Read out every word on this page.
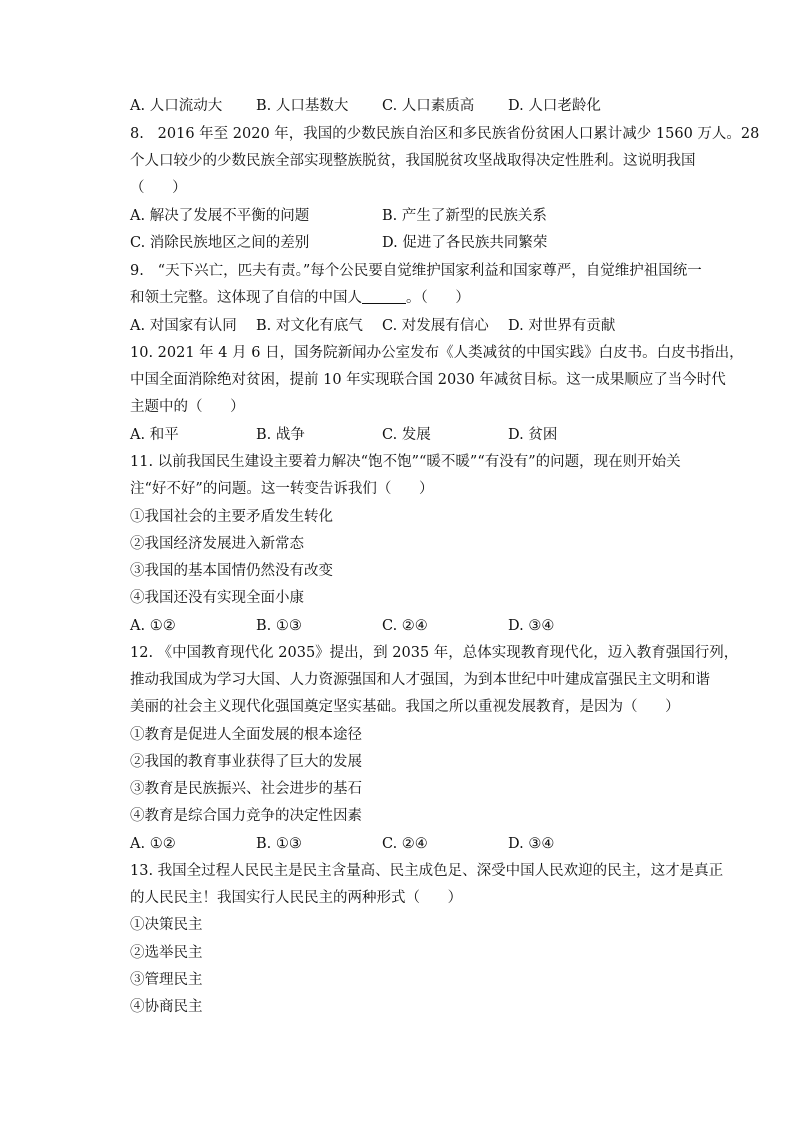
A. 人口流动大 B. 人口基数大 C. 人口素质高 D. 人口老龄化
8.   2016 年至 2020 年，我国的少数民族自治区和多民族省份贫困人口累计减少 1560 万人。28
个人口较少的少数民族全部实现整族脱贫，我国脱贫攻坚战取得决定性胜利。这说明我国
（      ）
A. 解决了发展不平衡的问题	B. 产生了新型的民族关系
C. 消除民族地区之间的差别	D. 促进了各民族共同繁荣
9.   “天下兴亡，匹夫有责。”每个公民要自觉维护国家利益和国家尊严，自觉维护祖国统一
和领土完整。这体现了自信的中国人	。（      ）
A. 对国家有认同 B. 对文化有底气 C. 对发展有信心 D. 对世界有贡献
10. 2021 年 4 月 6 日，国务院新闻办公室发布《人类减贫的中国实践》白皮书。白皮书指出，
中国全面消除绝对贫困，提前 10 年实现联合国 2030 年减贫目标。这一成果顺应了当今时代
主题中的（      ）
A. 和平	B. 战争	C. 发展	D. 贫困
11. 以前我国民生建设主要着力解决“饱不饱”“暖不暖”“有没有”的问题，现在则开始关
注“好不好”的问题。这一转变告诉我们（      ）
①我国社会的主要矛盾发生转化
②我国经济发展进入新常态
③我国的基本国情仍然没有改变
④我国还没有实现全面小康
A. ①②	B. ①③	C. ②④	D. ③④
12. 《中国教育现代化 2035》提出，到 2035 年，总体实现教育现代化，迈入教育强国行列，
推动我国成为学习大国、人力资源强国和人才强国，为到本世纪中叶建成富强民主文明和谐
美丽的社会主义现代化强国奠定坚实基础。我国之所以重视发展教育，是因为（      ）
①教育是促进人全面发展的根本途径
②我国的教育事业获得了巨大的发展
③教育是民族振兴、社会进步的基石
④教育是综合国力竞争的决定性因素
A. ①②	B. ①③	C. ②④	D. ③④
13. 我国全过程人民民主是民主含量高、民主成色足、深受中国人民欢迎的民主，这才是真正
的人民民主！我国实行人民民主的两种形式（      ）
①决策民主
②选举民主
③管理民主
④协商民主
